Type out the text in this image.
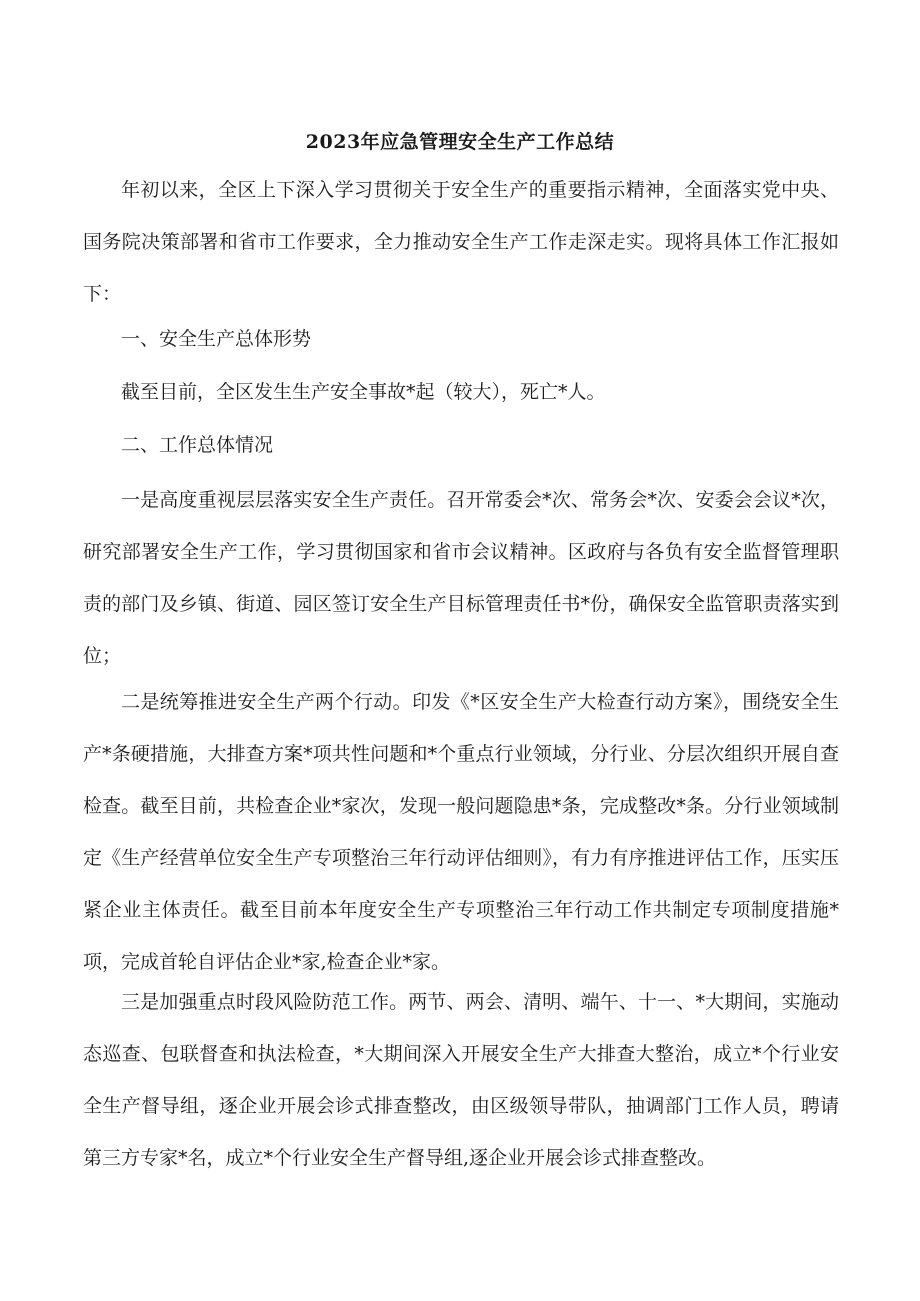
2023年应急管理安全生产工作总结

年初以来，全区上下深入学习贯彻关于安全生产的重要指示精神，全面落实党中央、国务院决策部署和省市工作要求，全力推动安全生产工作走深走实。现将具体工作汇报如下：

一、安全生产总体形势

截至目前，全区发生生产安全事故*起（较大），死亡*人。

二、工作总体情况

一是高度重视层层落实安全生产责任。召开常委会*次、常务会*次、安委会会议*次，研究部署安全生产工作，学习贯彻国家和省市会议精神。区政府与各负有安全监督管理职责的部门及乡镇、街道、园区签订安全生产目标管理责任书*份，确保安全监管职责落实到位；

二是统筹推进安全生产两个行动。印发《*区安全生产大检查行动方案》，围绕安全生产*条硬措施，大排查方案*项共性问题和*个重点行业领域，分行业、分层次组织开展自查检查。截至目前，共检查企业*家次，发现一般问题隐患*条，完成整改*条。分行业领域制定《生产经营单位安全生产专项整治三年行动评估细则》，有力有序推进评估工作，压实压紧企业主体责任。截至目前本年度安全生产专项整治三年行动工作共制定专项制度措施*项，完成首轮自评估企业*家,检查企业*家。

三是加强重点时段风险防范工作。两节、两会、清明、端午、十一、*大期间，实施动态巡查、包联督查和执法检查，*大期间深入开展安全生产大排查大整治，成立*个行业安全生产督导组，逐企业开展会诊式排查整改，由区级领导带队，抽调部门工作人员，聘请第三方专家*名，成立*个行业安全生产督导组,逐企业开展会诊式排查整改。
